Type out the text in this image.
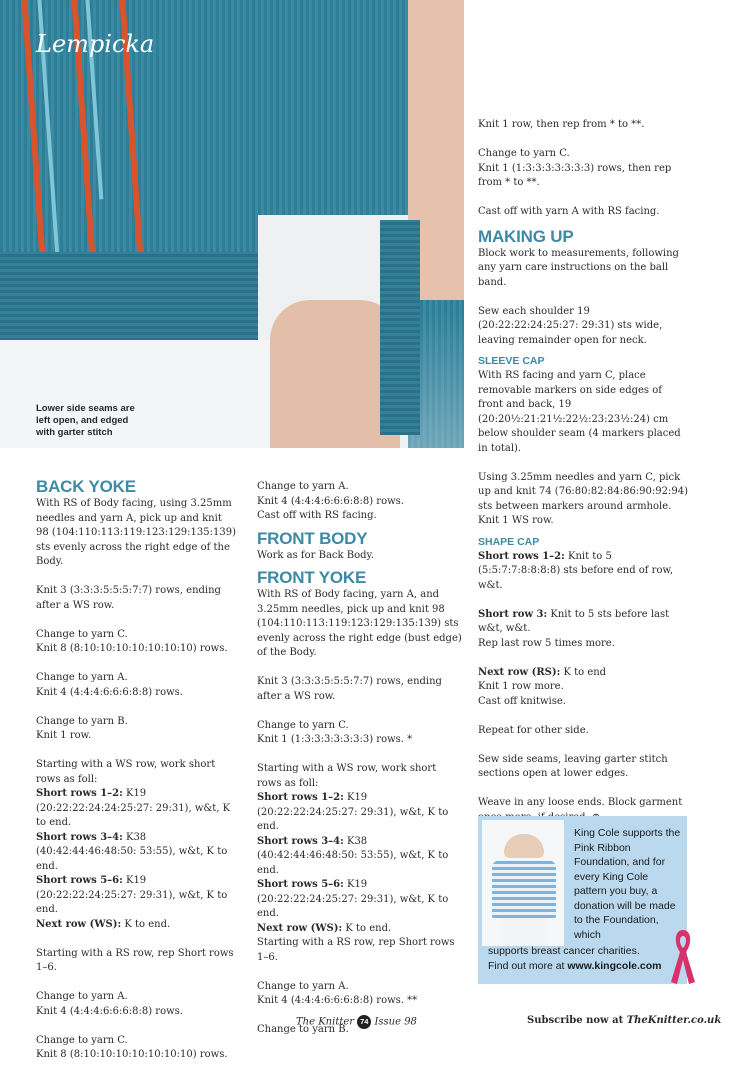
Lempicka
Lower side seams are left open, and edged with garter stitch
BACK YOKE

With RS of Body facing, using 3.25mm needles and yarn A, pick up and knit 98 (104:110:113:119:123:129:135:139) sts evenly across the right edge of the Body.

Knit 3 (3:3:3:5:5:5:7:7) rows, ending after a WS row.

Change to yarn C.
Knit 8 (8:10:10:10:10:10:10:10) rows.

Change to yarn A.
Knit 4 (4:4:4:6:6:6:8:8) rows.

Change to yarn B.
Knit 1 row.

Starting with a WS row, work short rows as foll:

Short rows 1–2: K19 (20:22:22:24:24:25:27: 29:31), w&t, K to end.
Short rows 3–4: K38 (40:42:44:46:48:50: 53:55), w&t, K to end.
Short rows 5–6: K19 (20:22:22:24:25:27: 29:31), w&t, K to end.

Next row (WS): K to end.

Starting with a RS row, rep Short rows 1–6.

Change to yarn A.
Knit 4 (4:4:4:6:6:6:8:8) rows.

Change to yarn C.
Knit 8 (8:10:10:10:10:10:10:10) rows.

Change to yarn A.
Knit 4 (4:4:4:6:6:6:8:8) rows.
Cast off with RS facing.

FRONT BODY

Work as for Back Body.

FRONT YOKE

With RS of Body facing, yarn A, and 3.25mm needles, pick up and knit 98 (104:110:113:119:123:129:135:139) sts evenly across the right edge (bust edge) of the Body.

Knit 3 (3:3:3:5:5:5:7:7) rows, ending after a WS row.

Change to yarn C.
Knit 1 (1:3:3:3:3:3:3:3) rows. *

Starting with a WS row, work short rows as foll:

Short rows 1–2: K19 (20:22:22:24:25:27: 29:31), w&t, K to end.
Short rows 3–4: K38 (40:42:44:46:48:50: 53:55), w&t, K to end.
Short rows 5–6: K19 (20:22:22:24:25:27: 29:31), w&t, K to end.
Next row (WS): K to end.

Starting with a RS row, rep Short rows 1–6.

Change to yarn A.
Knit 4 (4:4:4:6:6:6:8:8) rows. **

Change to yarn B.

Knit 1 row, then rep from * to **.

Change to yarn C.
Knit 1 (1:3:3:3:3:3:3:3) rows, then rep from * to **.

Cast off with yarn A with RS facing.

MAKING UP

Block work to measurements, following any yarn care instructions on the ball band.

Sew each shoulder 19 (20:22:22:24:25:27: 29:31) sts wide, leaving remainder open for neck.

SLEEVE CAP

With RS facing and yarn C, place removable markers on side edges of front and back, 19 (20:20½:21:21½:22½:23:23½:24) cm below shoulder seam (4 markers placed in total).

Using 3.25mm needles and yarn C, pick up and knit 74 (76:80:82:84:86:90:92:94) sts between markers around armhole.
Knit 1 WS row.

SHAPE CAP

Short rows 1–2: Knit to 5 (5:5:7:7:8:8:8:8) sts before end of row, w&t.

Short row 3: Knit to 5 sts before last w&t, w&t.
Rep last row 5 times more.

Next row (RS): K to end
Knit 1 row more.
Cast off knitwise.

Repeat for other side.

Sew side seams, leaving garter stitch sections open at lower edges.

Weave in any loose ends. Block garment

King Cole supports the Pink Ribbon Foundation, and for every King Cole pattern you buy, a donation will be made to the Foundation, which
supports breast cancer charities.
Find out more at www.kingcole.com
The Knitter 74 Issue 98	Subscribe now at TheKnitter.co.uk
